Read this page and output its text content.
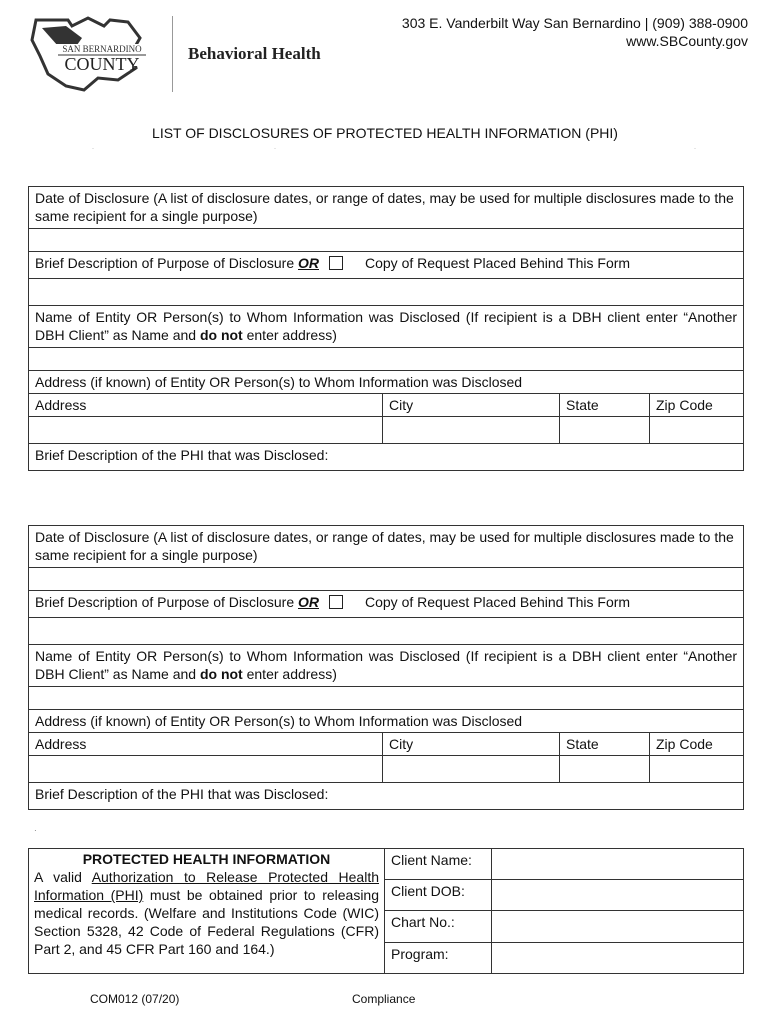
SAN BERNARDINO
COUNTY
Behavioral Health
303 E. Vanderbilt Way San Bernardino | (909) 388-0900
www.SBCounty.gov
LIST OF DISCLOSURES OF PROTECTED HEALTH INFORMATION (PHI)
·	·	·
Date of Disclosure (A list of disclosure dates, or range of dates, may be used for multiple disclosures made to the same recipient for a single purpose)			

Brief Description of Purpose of Disclosure OR Copy of Request Placed Behind This Form			

Name of Entity OR Person(s) to Whom Information was Disclosed (If recipient is a DBH client enter “Another DBH Client” as Name and do not enter address)			

Address (if known) of Entity OR Person(s) to Whom Information was Disclosed			
Address	City	State	Zip Code

Brief Description of the PHI that was Disclosed:			
Date of Disclosure (A list of disclosure dates, or range of dates, may be used for multiple disclosures made to the same recipient for a single purpose)			

Brief Description of Purpose of Disclosure OR Copy of Request Placed Behind This Form			

Name of Entity OR Person(s) to Whom Information was Disclosed (If recipient is a DBH client enter “Another DBH Client” as Name and do not enter address)			

Address (if known) of Entity OR Person(s) to Whom Information was Disclosed			
Address	City	State	Zip Code

Brief Description of the PHI that was Disclosed:			
·
PROTECTED HEALTH INFORMATION
A valid Authorization to Release Protected Health Information (PHI) must be obtained prior to releasing medical records. (Welfare and Institutions Code (WIC) Section 5328, 42 Code of Federal Regulations (CFR) Part 2, and 45 CFR Part 160 and 164.)	
Client Name:	
Client DOB:	
Chart No.:	
Program:	
COM012 (07/20)	Compliance
